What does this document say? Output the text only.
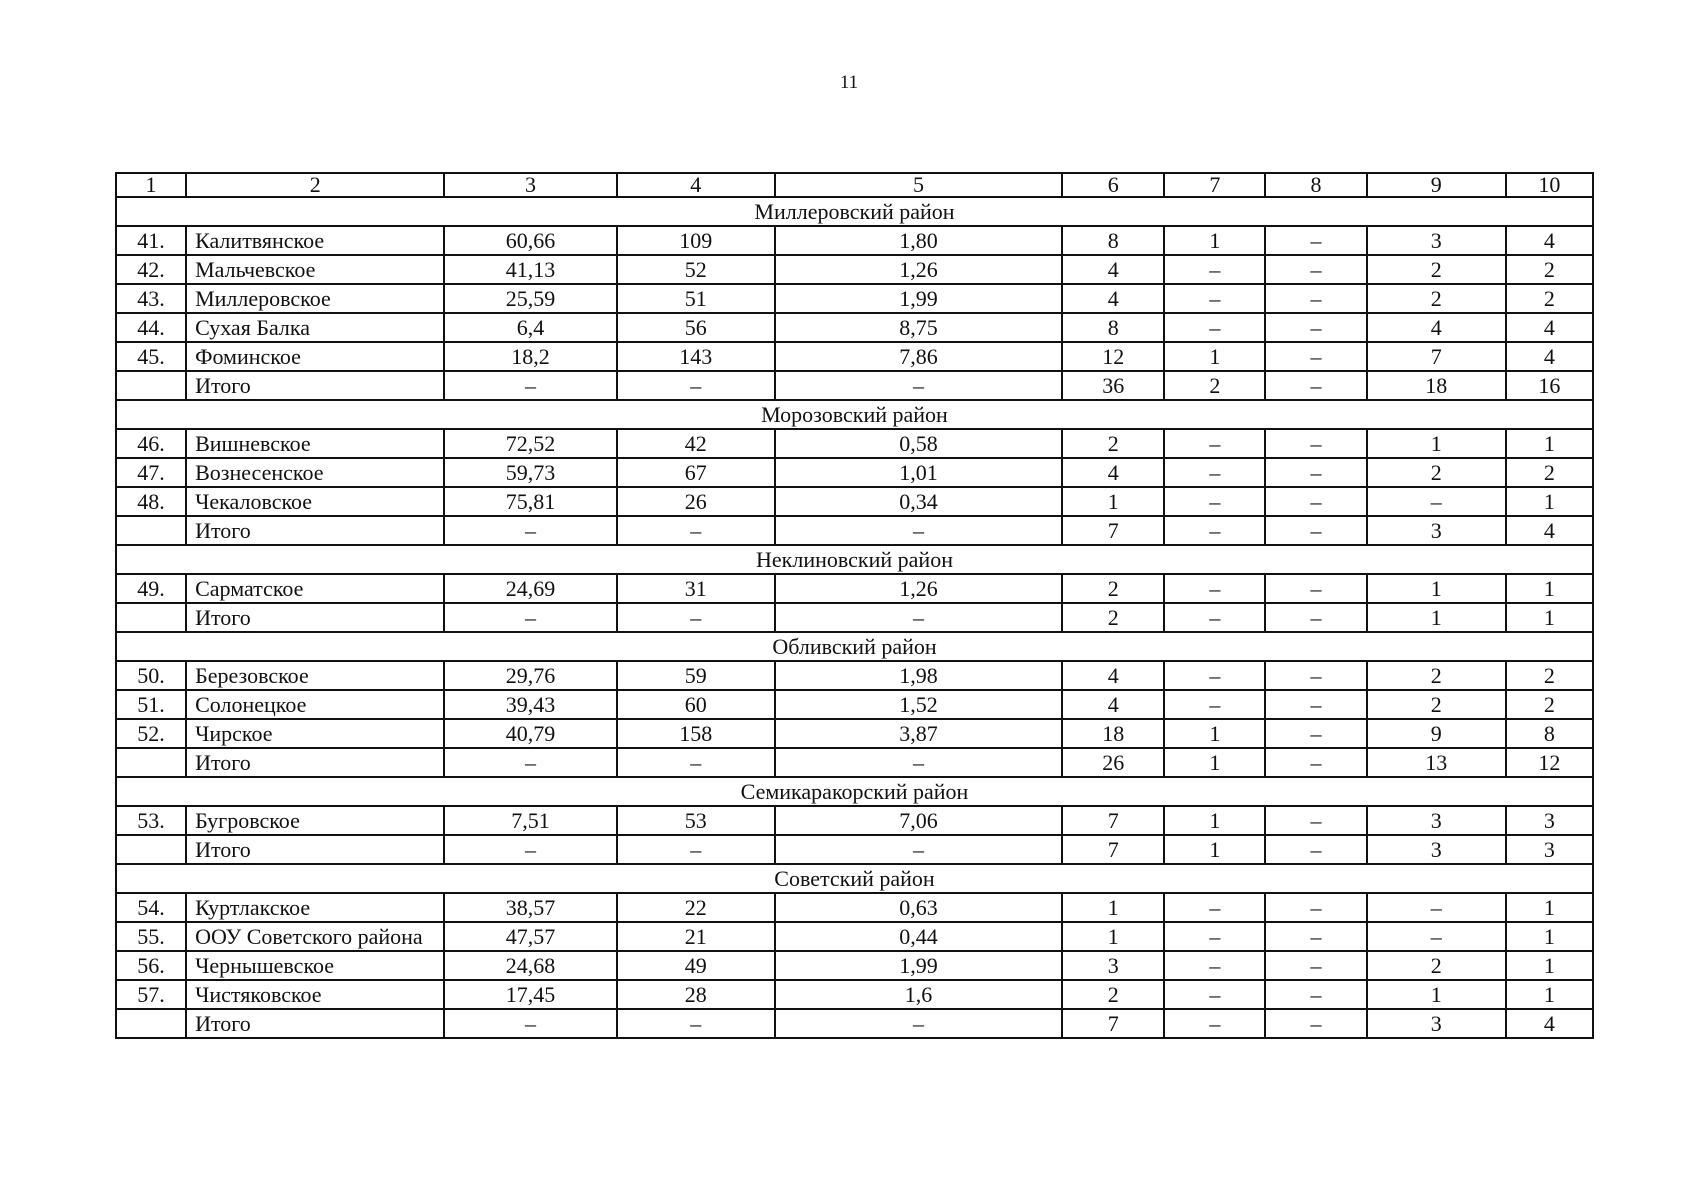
11
1	2	3	4	5	6	7	8	9	10
Миллеровский район									
41.	Калитвянское	60,66	109	1,80	8	1	–	3	4
42.	Мальчевское	41,13	52	1,26	4	–	–	2	2
43.	Миллеровское	25,59	51	1,99	4	–	–	2	2
44.	Сухая Балка	6,4	56	8,75	8	–	–	4	4
45.	Фоминское	18,2	143	7,86	12	1	–	7	4
	Итого	–	–	–	36	2	–	18	16
Морозовский район									
46.	Вишневское	72,52	42	0,58	2	–	–	1	1
47.	Вознесенское	59,73	67	1,01	4	–	–	2	2
48.	Чекаловское	75,81	26	0,34	1	–	–	–	1
	Итого	–	–	–	7	–	–	3	4
Неклиновский район									
49.	Сарматское	24,69	31	1,26	2	–	–	1	1
	Итого	–	–	–	2	–	–	1	1
Обливский район									
50.	Березовское	29,76	59	1,98	4	–	–	2	2
51.	Солонецкое	39,43	60	1,52	4	–	–	2	2
52.	Чирское	40,79	158	3,87	18	1	–	9	8
	Итого	–	–	–	26	1	–	13	12
Семикаракорский район									
53.	Бугровское	7,51	53	7,06	7	1	–	3	3
	Итого	–	–	–	7	1	–	3	3
Советский район									
54.	Куртлакское	38,57	22	0,63	1	–	–	–	1
55.	ООУ Советского района	47,57	21	0,44	1	–	–	–	1
56.	Чернышевское	24,68	49	1,99	3	–	–	2	1
57.	Чистяковское	17,45	28	1,6	2	–	–	1	1
	Итого	–	–	–	7	–	–	3	4
